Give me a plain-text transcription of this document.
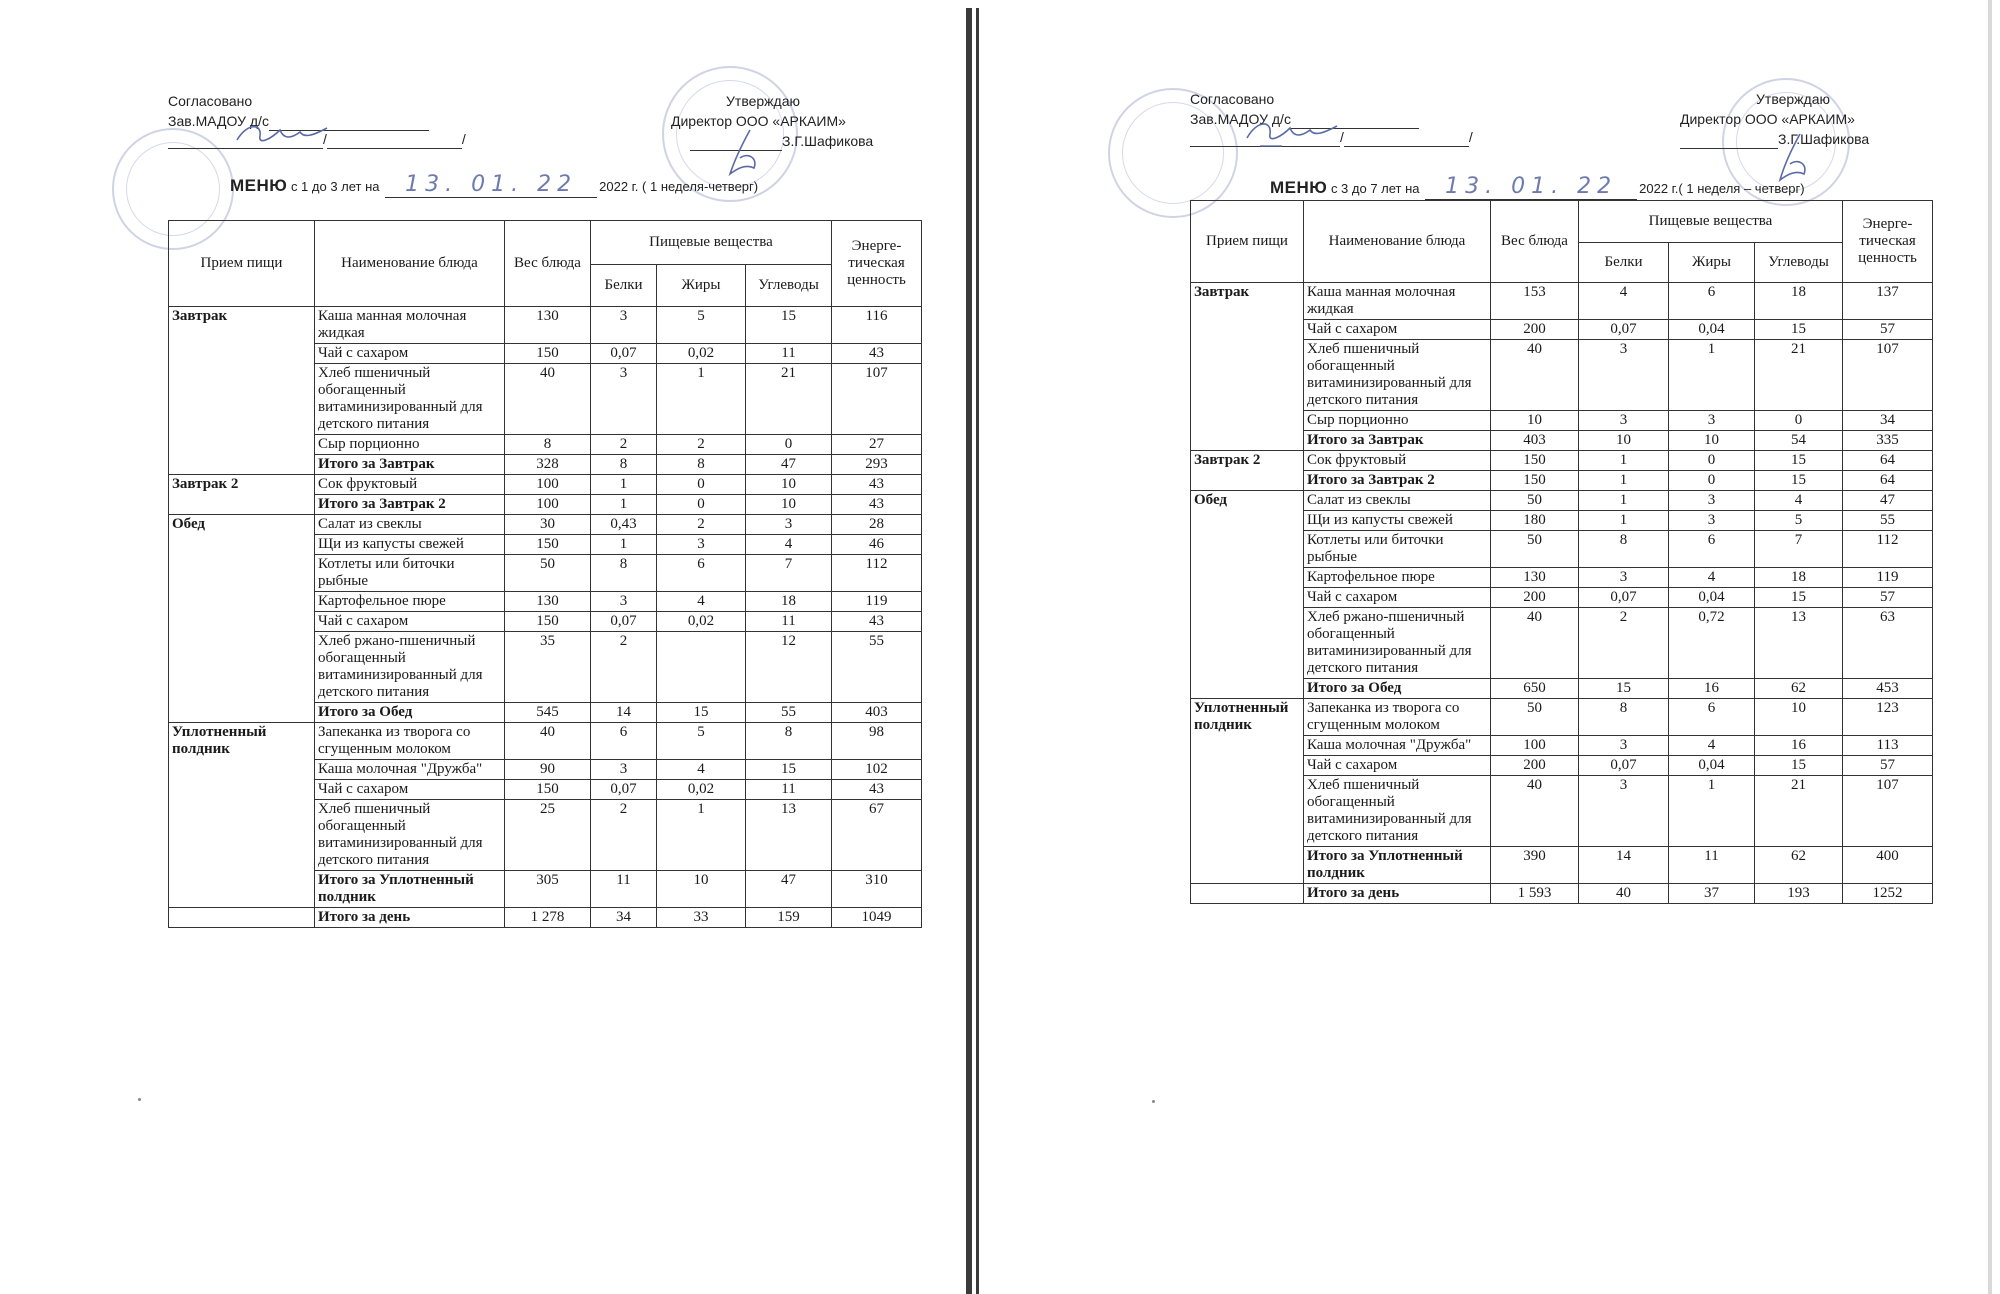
Согласовано
Зав.МАДОУ д/с
/	/
Утверждаю
Директор ООО «АРКАИМ»
З.Г.Шафикова
МЕНЮ с 1 до 3 лет на 13. 01. 22 2022 г. ( 1 неделя-четверг)
Прием пищи	Наименование блюда	Вес блюда	Пищевые вещества			Энерге-тическая ценность
			Белки	Жиры	Углеводы	
Завтрак	Каша манная молочная жидкая	130	3	5	15	116
	Чай с сахаром	150	0,07	0,02	11	43
	Хлеб пшеничный обогащенный витаминизированный для детского питания	40	3	1	21	107
	Сыр порционно	8	2	2	0	27
	Итого за Завтрак	328	8	8	47	293
Завтрак 2	Сок фруктовый	100	1	0	10	43
	Итого за Завтрак 2	100	1	0	10	43
Обед	Салат из свеклы	30	0,43	2	3	28
	Щи из капусты свежей	150	1	3	4	46
	Котлеты или биточки рыбные	50	8	6	7	112
	Картофельное пюре	130	3	4	18	119
	Чай с сахаром	150	0,07	0,02	11	43
	Хлеб ржано-пшеничный обогащенный витаминизированный для детского питания	35	2		12	55
	Итого за Обед	545	14	15	55	403
Уплотненный полдник	Запеканка из творога со сгущенным молоком	40	6	5	8	98
	Каша молочная "Дружба"	90	3	4	15	102
	Чай с сахаром	150	0,07	0,02	11	43
	Хлеб пшеничный обогащенный витаминизированный для детского питания	25	2	1	13	67
	Итого за Уплотненный полдник	305	11	10	47	310
	Итого за день	1 278	34	33	159	1049
Согласовано
Зав.МАДОУ д/с
/	/
Утверждаю
Директор ООО «АРКАИМ»
З.Г.Шафикова
МЕНЮ с 3 до 7 лет на 13. 01. 22 2022 г.( 1 неделя – четверг)
Прием пищи	Наименование блюда	Вес блюда	Пищевые вещества			Энерге-тическая ценность
			Белки	Жиры	Углеводы	
Завтрак	Каша манная молочная жидкая	153	4	6	18	137
	Чай с сахаром	200	0,07	0,04	15	57
	Хлеб пшеничный обогащенный витаминизированный для детского питания	40	3	1	21	107
	Сыр порционно	10	3	3	0	34
	Итого за Завтрак	403	10	10	54	335
Завтрак 2	Сок фруктовый	150	1	0	15	64
	Итого за Завтрак 2	150	1	0	15	64
Обед	Салат из свеклы	50	1	3	4	47
	Щи из капусты свежей	180	1	3	5	55
	Котлеты или биточки рыбные	50	8	6	7	112
	Картофельное пюре	130	3	4	18	119
	Чай с сахаром	200	0,07	0,04	15	57
	Хлеб ржано-пшеничный обогащенный витаминизированный для детского питания	40	2	0,72	13	63
	Итого за Обед	650	15	16	62	453
Уплотненный полдник	Запеканка из творога со сгущенным молоком	50	8	6	10	123
	Каша молочная "Дружба"	100	3	4	16	113
	Чай с сахаром	200	0,07	0,04	15	57
	Хлеб пшеничный обогащенный витаминизированный для детского питания	40	3	1	21	107
	Итого за Уплотненный полдник	390	14	11	62	400
	Итого за день	1 593	40	37	193	1252
